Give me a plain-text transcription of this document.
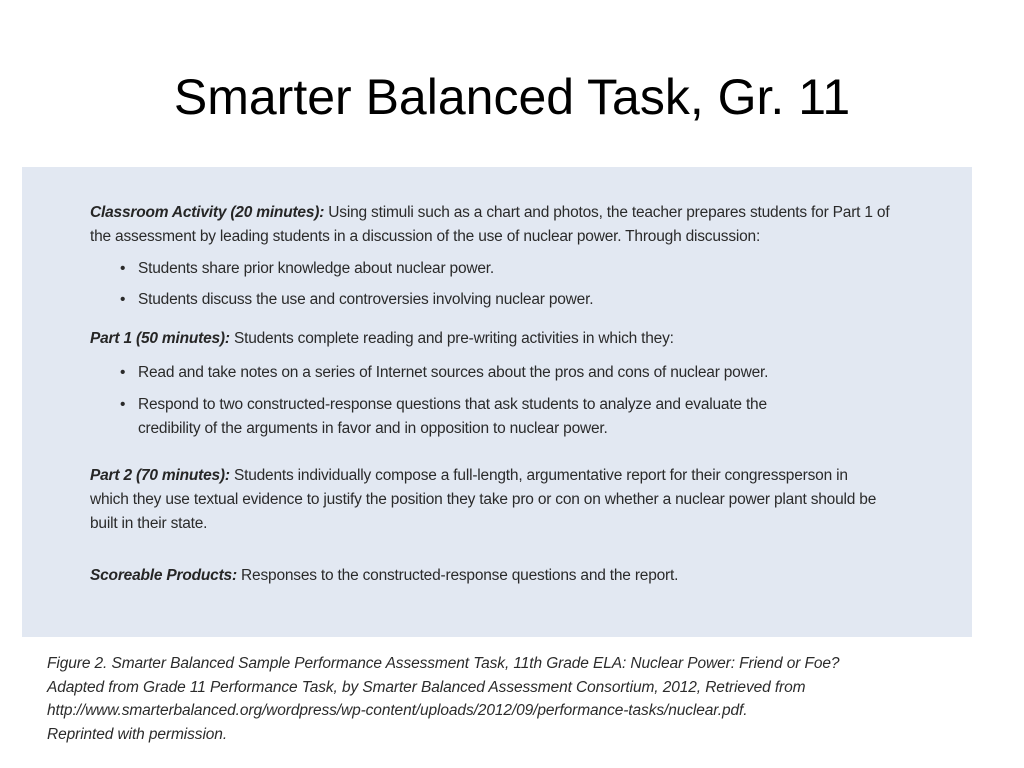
Smarter Balanced Task, Gr. 11

Classroom Activity (20 minutes): Using stimuli such as a chart and photos, the teacher prepares students for Part 1 of the assessment by leading students in a discussion of the use of nuclear power. Through discussion:

• Students share prior knowledge about nuclear power.
• Students discuss the use and controversies involving nuclear power.

Part 1 (50 minutes): Students complete reading and pre-writing activities in which they:

• Read and take notes on a series of Internet sources about the pros and cons of nuclear power.
• Respond to two constructed-response questions that ask students to analyze and evaluate the credibility of the arguments in favor and in opposition to nuclear power.

Part 2 (70 minutes): Students individually compose a full-length, argumentative report for their congressperson in which they use textual evidence to justify the position they take pro or con on whether a nuclear power plant should be built in their state.

Scoreable Products: Responses to the constructed-response questions and the report.

Figure 2. Smarter Balanced Sample Performance Assessment Task, 11th Grade ELA: Nuclear Power: Friend or Foe?
Adapted from Grade 11 Performance Task, by Smarter Balanced Assessment Consortium, 2012, Retrieved from
http://www.smarterbalanced.org/wordpress/wp-content/uploads/2012/09/performance-tasks/nuclear.pdf.
Reprinted with permission.
